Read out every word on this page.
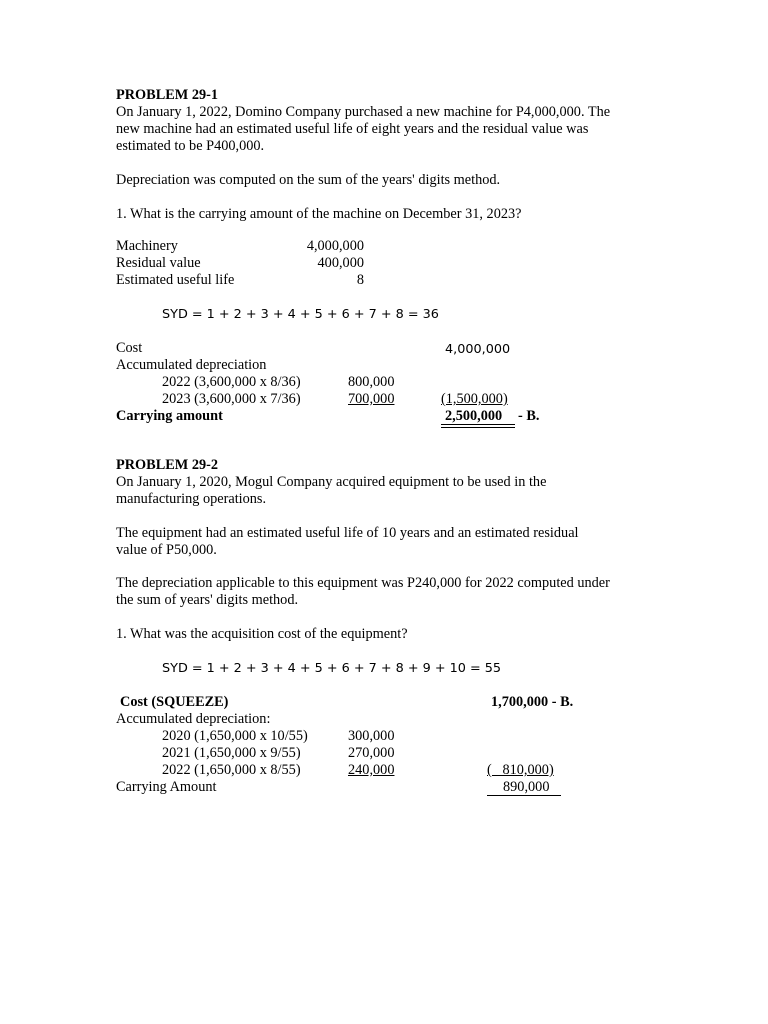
PROBLEM 29-1
On January 1, 2022, Domino Company purchased a new machine for P4,000,000. The
new machine had an estimated useful life of eight years and the residual value was
estimated to be P400,000.
Depreciation was computed on the sum of the years' digits method.
1. What is the carrying amount of the machine on December 31, 2023?
Machinery	4,000,000
Residual value	400,000
Estimated useful life	8
SYD = 1 + 2 + 3 + 4 + 5 + 6 + 7 + 8 = 36
Cost	4,000,000
Accumulated depreciation
2022 (3,600,000 x 8/36)	800,000
2023 (3,600,000 x 7/36)	700,000	(1,500,000)
Carrying amount	2,500,000 - B.
PROBLEM 29-2
On January 1, 2020, Mogul Company acquired equipment to be used in the
manufacturing operations.
The equipment had an estimated useful life of 10 years and an estimated residual
value of P50,000.
The depreciation applicable to this equipment was P240,000 for 2022 computed under
the sum of years' digits method.
1. What was the acquisition cost of the equipment?
SYD = 1 + 2 + 3 + 4 + 5 + 6 + 7 + 8 + 9 + 10 = 55
Cost (SQUEEZE)	1,700,000 - B.
Accumulated depreciation:
2020 (1,650,000 x 10/55)	300,000
2021 (1,650,000 x 9/55)	270,000
2022 (1,650,000 x 8/55)	240,000	(   810,000)
Carrying Amount	890,000
